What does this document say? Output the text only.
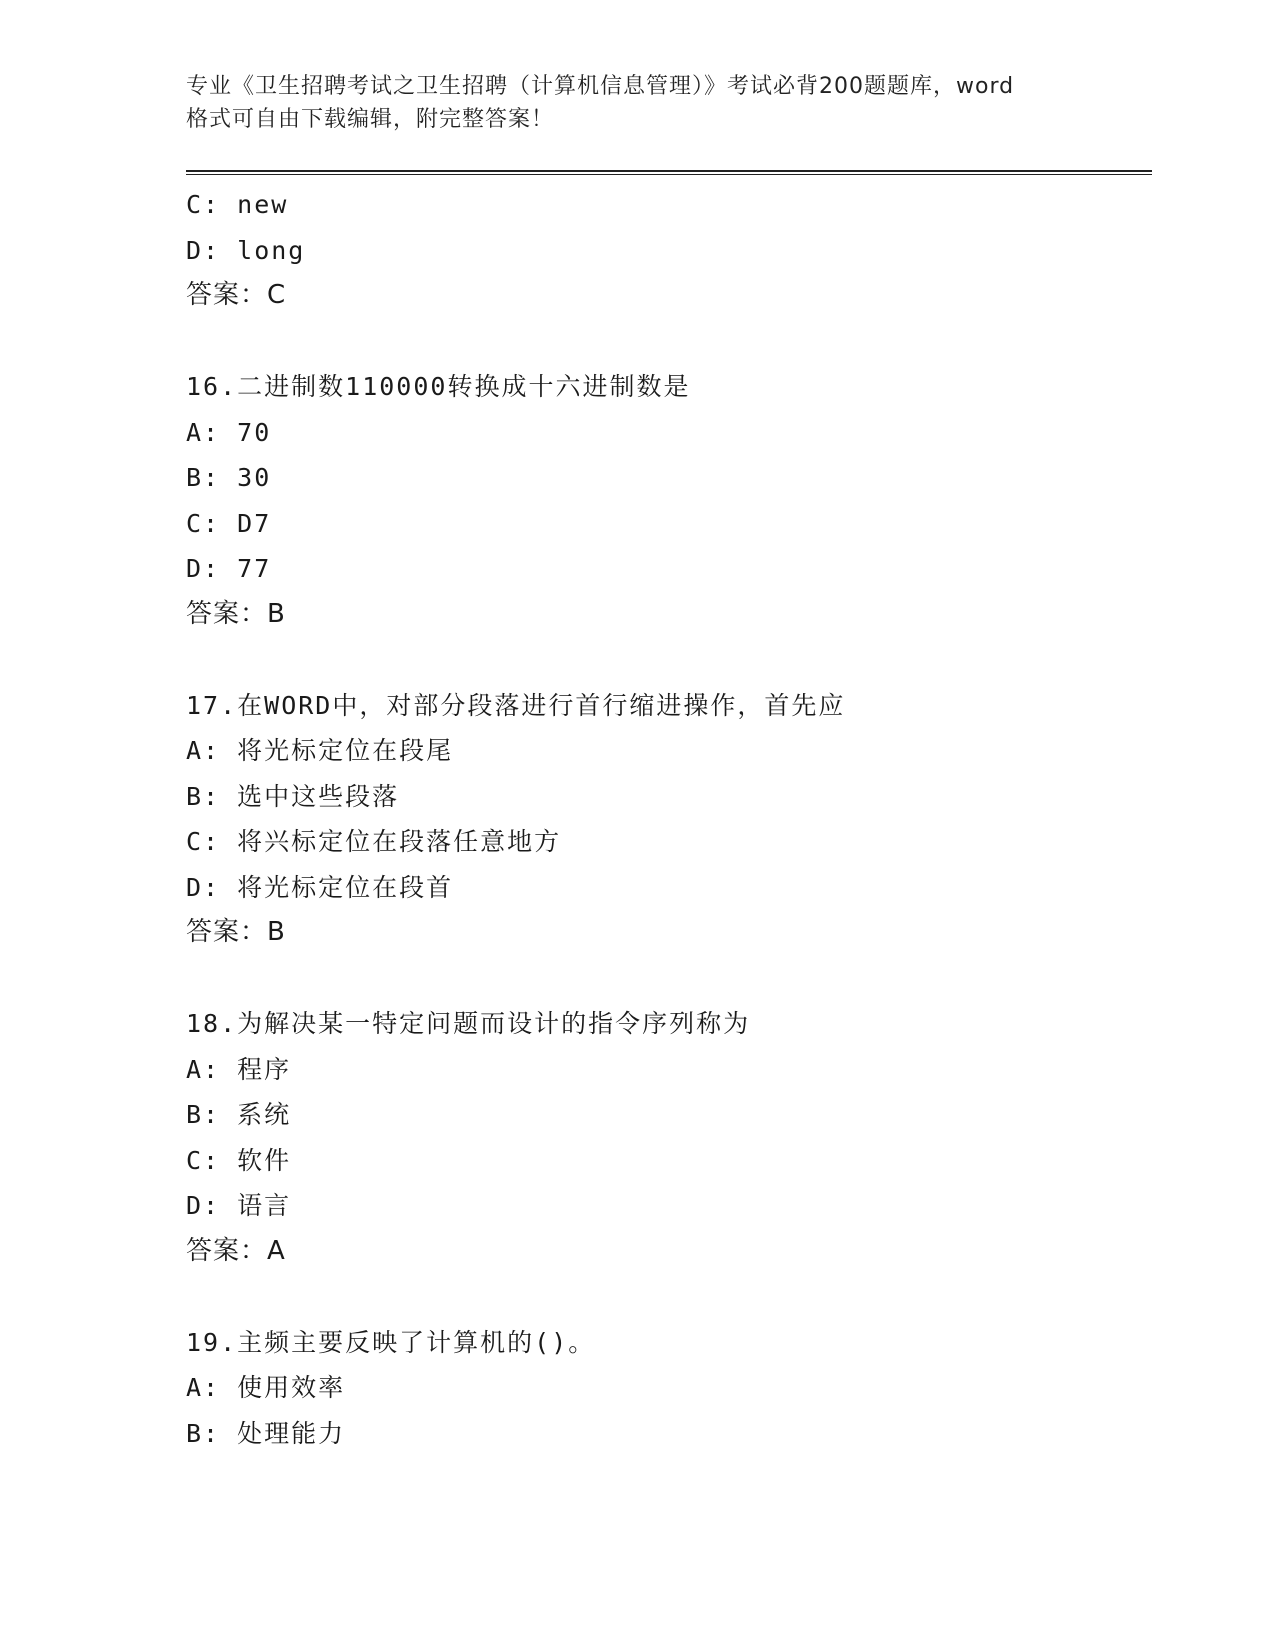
专业《卫生招聘考试之卫生招聘（计算机信息管理）》考试必背200题题库，word
格式可自由下载编辑，附完整答案！

C: new

D: long

答案：C

16.二进制数110000转换成十六进制数是

A: 70

B: 30

C: D7

D: 77

答案：B

17.在WORD中，对部分段落进行首行缩进操作，首先应

A: 将光标定位在段尾

B: 选中这些段落

C: 将兴标定位在段落任意地方

D: 将光标定位在段首

答案：B

18.为解决某一特定问题而设计的指令序列称为

A: 程序

B: 系统

C: 软件

D: 语言

答案：A

19.主频主要反映了计算机的()。

A: 使用效率

B: 处理能力
